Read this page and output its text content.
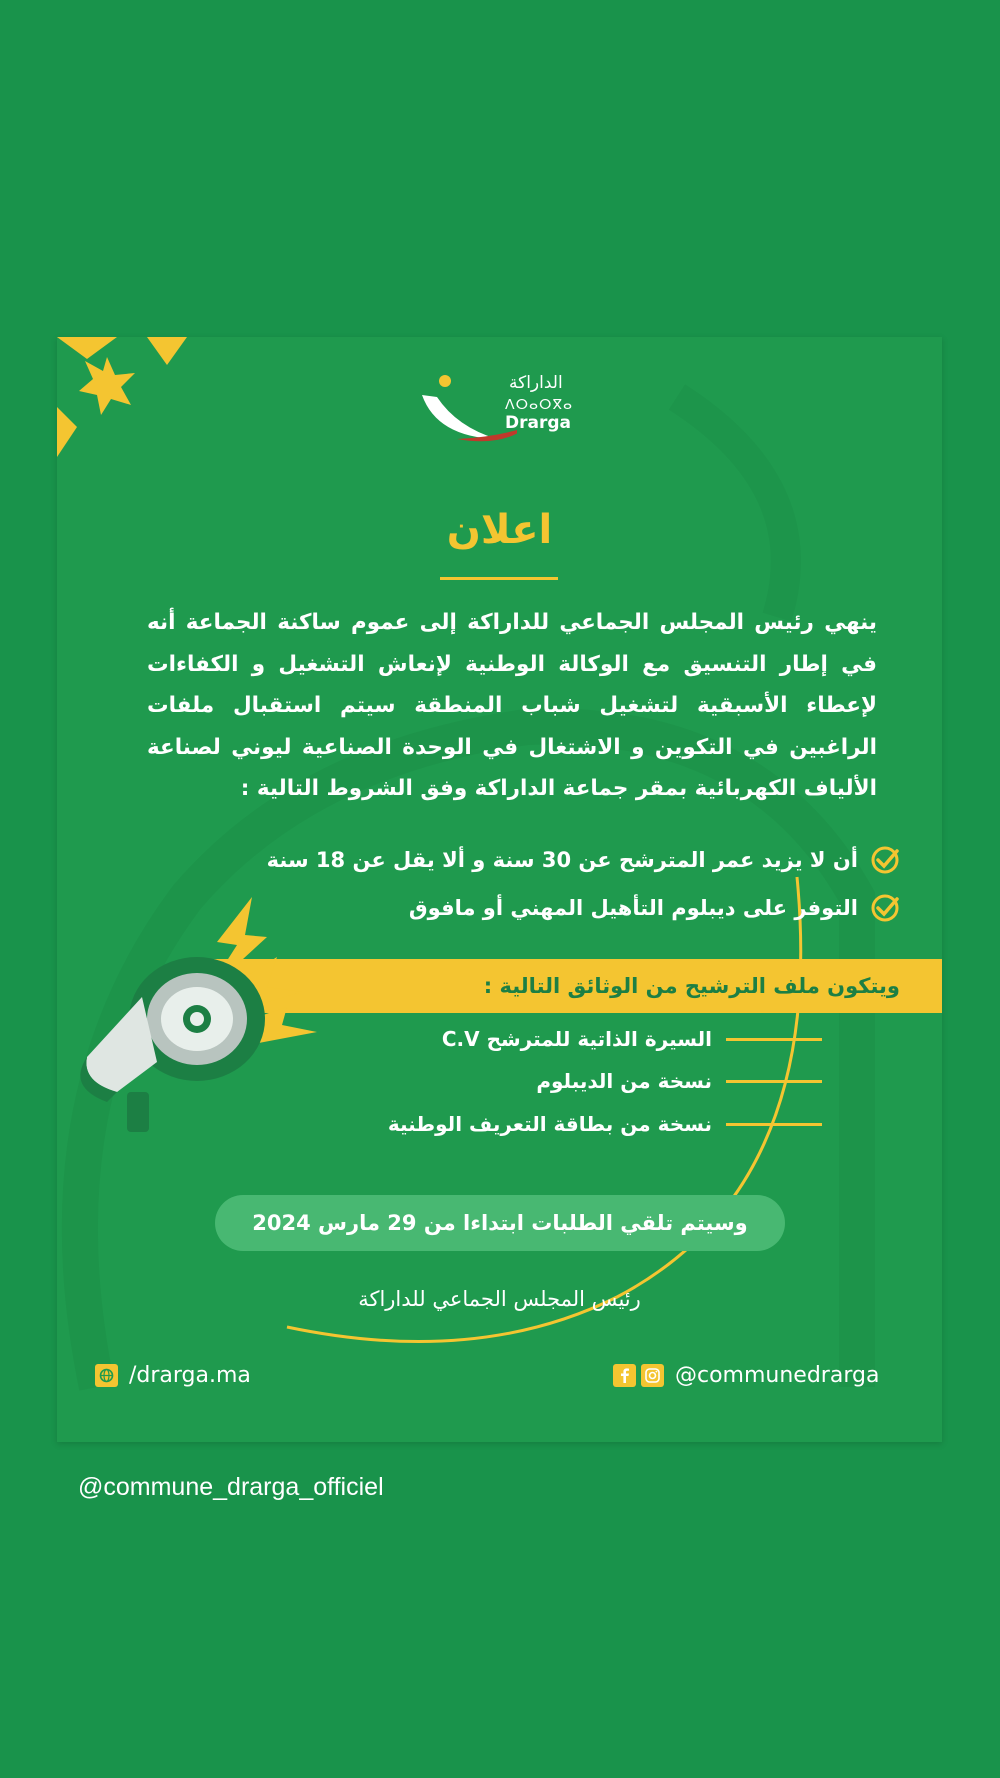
الداراكة
ⴷⵔⴰⵔⴳⴰ
Drarga
اعلان

ينهي رئيس المجلس الجماعي للداراكة إلى عموم ساكنة الجماعة أنه في إطار التنسيق مع الوكالة الوطنية لإنعاش التشغيل و الكفاءات لإعطاء الأسبقية لتشغيل شباب المنطقة سيتم استقبال ملفات الراغبين في التكوين و الاشتغال في الوحدة الصناعية ليوني لصناعة الألياف الكهربائية بمقر جماعة الداراكة وفق الشروط التالية :

أن لا يزيد عمر المترشح عن 30 سنة و ألا يقل عن 18 سنة
التوفر على ديبلوم التأهيل المهني أو مافوق
ويتكون ملف الترشيح من الوثائق التالية :
السيرة الذاتية للمترشح C.V
نسخة من الديبلوم
نسخة من بطاقة التعريف الوطنية
وسيتم تلقي الطلبات ابتداءا من 29 مارس 2024
رئيس المجلس الجماعي للداراكة
/drarga.ma	@communedrarga
@commune_drarga_officiel
